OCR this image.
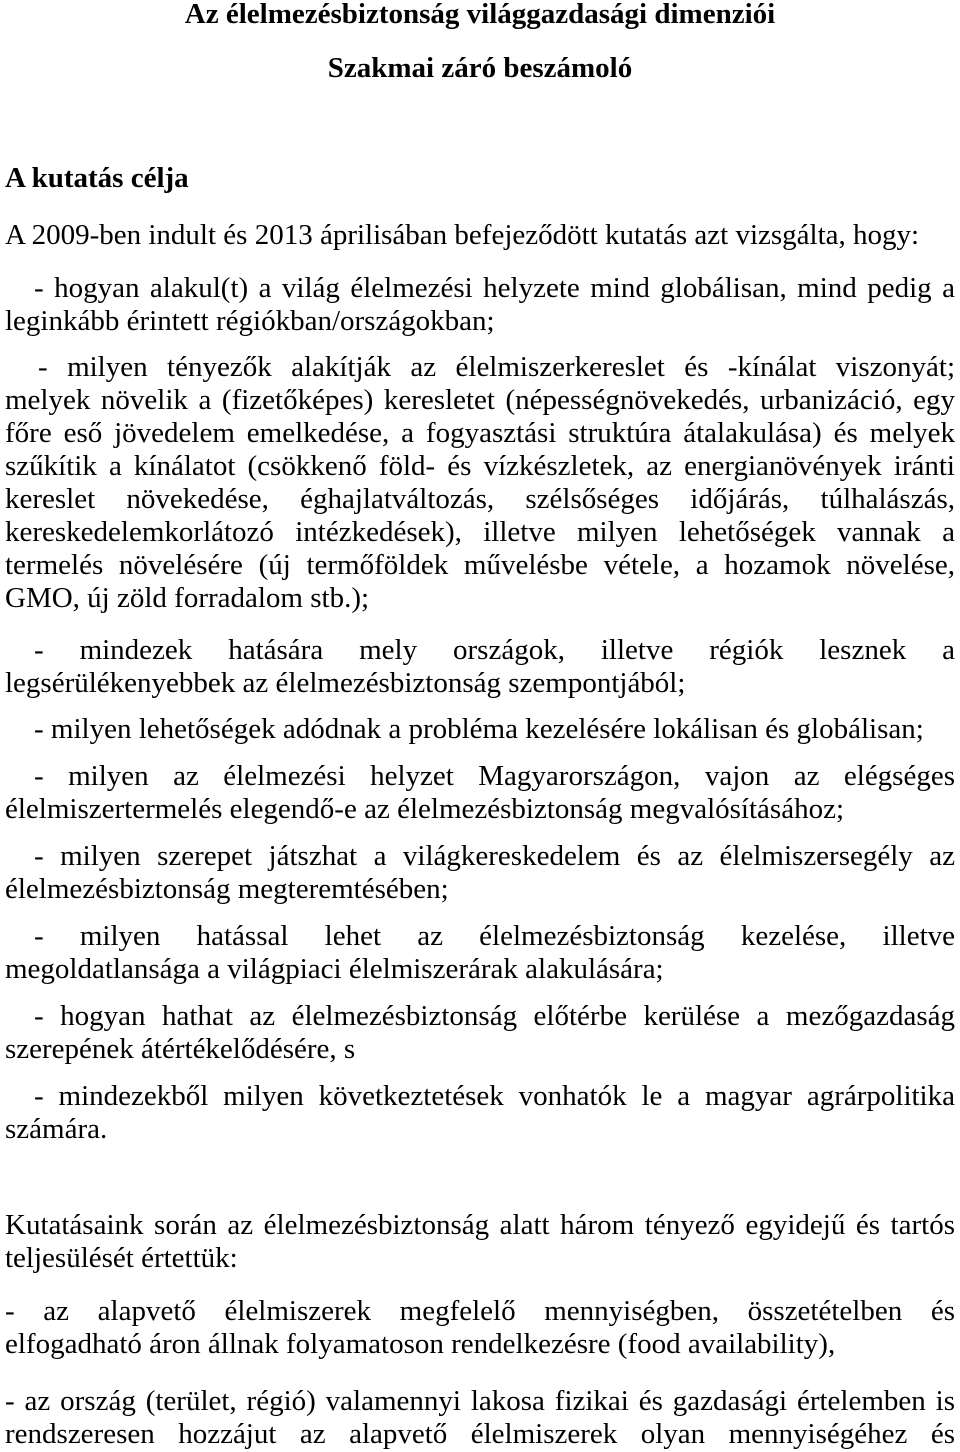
Az élelmezésbiztonság világgazdasági dimenziói
Szakmai záró beszámoló
A kutatás célja
A 2009-ben indult és 2013 áprilisában befejeződött kutatás azt vizsgálta, hogy:
- hogyan alakul(t) a világ élelmezési helyzete mind globálisan, mind pedig a
leginkább érintett régiókban/országokban;
- milyen tényezők alakítják az élelmiszerkereslet és -kínálat viszonyát;
melyek növelik a (fizetőképes) keresletet (népességnövekedés, urbanizáció, egy
főre eső jövedelem emelkedése, a fogyasztási struktúra átalakulása) és melyek
szűkítik a kínálatot (csökkenő föld- és vízkészletek, az energianövények iránti
kereslet növekedése, éghajlatváltozás, szélsőséges időjárás, túlhalászás,
kereskedelemkorlátozó intézkedések), illetve milyen lehetőségek vannak a
termelés növelésére (új termőföldek művelésbe vétele, a hozamok növelése,
GMO, új zöld forradalom stb.);
- mindezek hatására mely országok, illetve régiók lesznek a
legsérülékenyebbek az élelmezésbiztonság szempontjából;
- milyen lehetőségek adódnak a probléma kezelésére lokálisan és globálisan;
- milyen az élelmezési helyzet Magyarországon, vajon az elégséges
élelmiszertermelés elegendő-e az élelmezésbiztonság megvalósításához;
- milyen szerepet játszhat a világkereskedelem és az élelmiszersegély az
élelmezésbiztonság megteremtésében;
- milyen hatással lehet az élelmezésbiztonság kezelése, illetve
megoldatlansága a világpiaci élelmiszerárak alakulására;
- hogyan hathat az élelmezésbiztonság előtérbe kerülése a mezőgazdaság
szerepének átértékelődésére, s
- mindezekből milyen következtetések vonhatók le a magyar agrárpolitika
számára.
Kutatásaink során az élelmezésbiztonság alatt három tényező egyidejű és tartós
teljesülését értettük:
- az alapvető élelmiszerek megfelelő mennyiségben, összetételben és
elfogadható áron állnak folyamatoson rendelkezésre (food availability),
- az ország (terület, régió) valamennyi lakosa fizikai és gazdasági értelemben is
rendszeresen hozzájut az alapvető élelmiszerek olyan mennyiségéhez és
